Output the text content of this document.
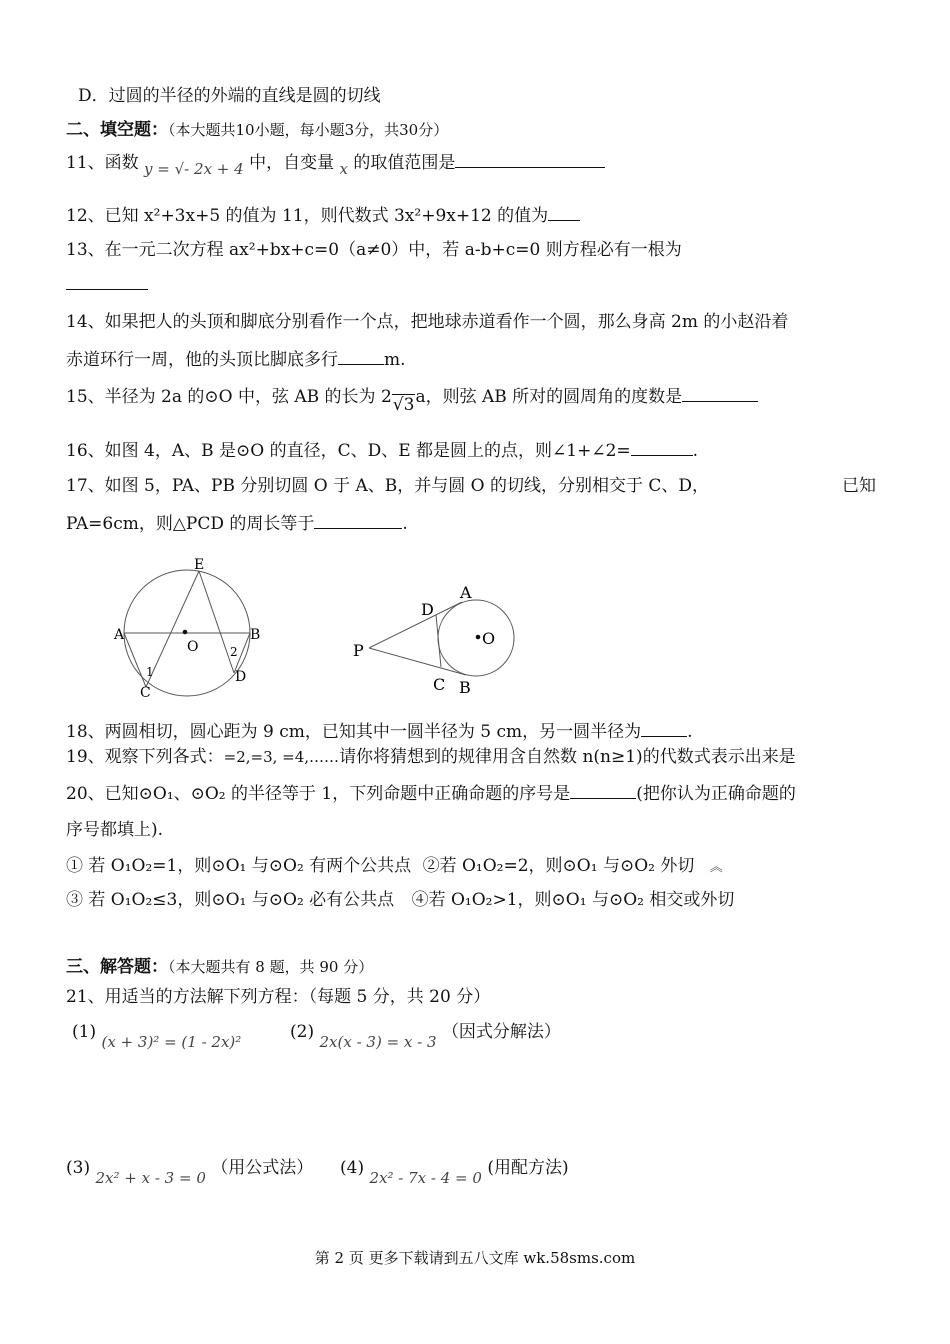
D．过圆的半径的外端的直线是圆的切线
二、填空题：（本大题共10小题，每小题3分，共30分）
11、函数 y = √- 2x + 4 中，自变量 x 的取值范围是
12、已知 x²+3x+5 的值为 11，则代数式 3x²+9x+12 的值为
13、在一元二次方程 ax²+bx+c=0（a≠0）中，若 a-b+c=0 则方程必有一根为
14、如果把人的头顶和脚底分别看作一个点，把地球赤道看作一个圆，那么身高 2m 的小赵沿着
赤道环行一周，他的头顶比脚底多行	m.
15、半径为 2a 的⊙O 中，弦 AB 的长为 2√3a，则弦 AB 所对的圆周角的度数是
16、如图 4，A、B 是⊙O 的直径，C、D、E 都是圆上的点，则∠1+∠2=	.
17、如图 5，PA、PB 分别切圆 O 于 A、B，并与圆 O 的切线，分别相交于 C、D，	已知
PA=6cm，则△PCD 的周长等于	.
E
A	B
O
C
D
1
2
A
D
P
O
C B
18、两圆相切，圆心距为 9 cm，已知其中一圆半径为 5 cm，另一圆半径为	.
19、观察下列各式：=2,=3, =4,……请你将猜想到的规律用含自然数 n(n≥1)的代数式表示出来是
20、已知⊙O₁、⊙O₂ 的半径等于 1，下列命题中正确命题的序号是	(把你认为正确命题的
序号都填上).
① 若 O₁O₂=1，则⊙O₁ 与⊙O₂ 有两个公共点 ②若 O₁O₂=2，则⊙O₁ 与⊙O₂ 外切 ︽
③ 若 O₁O₂≤3，则⊙O₁ 与⊙O₂ 必有公共点 ④若 O₁O₂>1，则⊙O₁ 与⊙O₂ 相交或外切
三、解答题：（本大题共有 8 题，共 90 分）
21、用适当的方法解下列方程：（每题 5 分，共 20 分）
(1) (x + 3)² = (1 - 2x)²	(2) 2x(x - 3) = x - 3 （因式分解法）
(3) 2x² + x - 3 = 0 （用公式法） (4) 2x² - 7x - 4 = 0 (用配方法)
第 2 页 更多下载请到五八文库 wk.58sms.com
